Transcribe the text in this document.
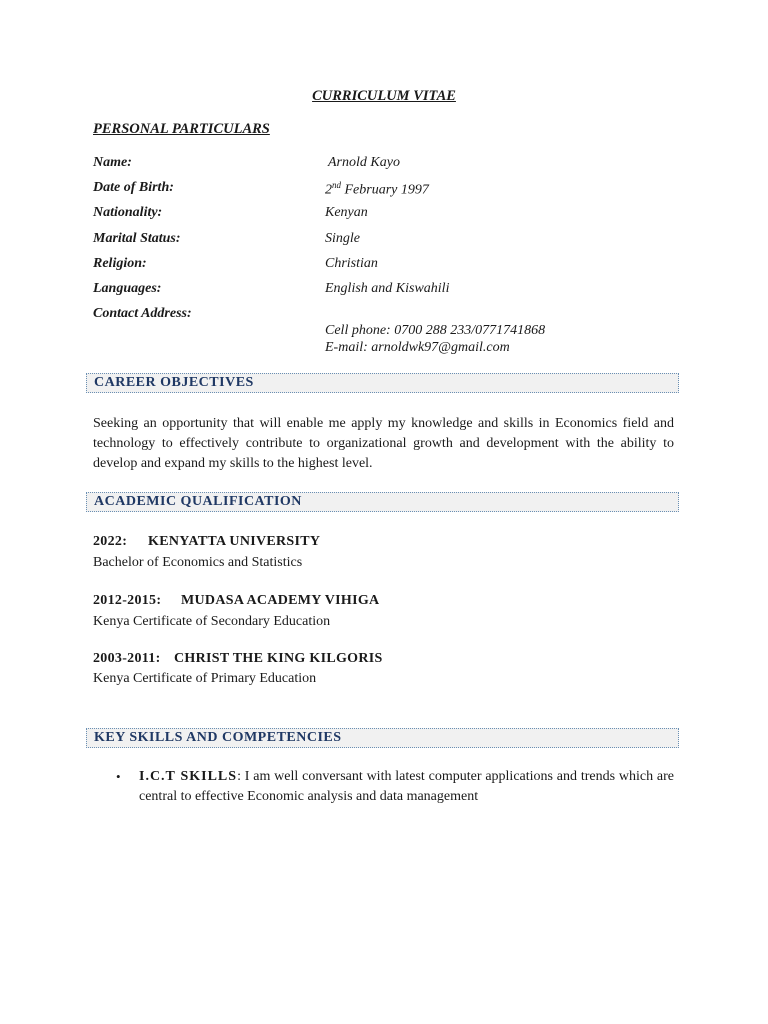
CURRICULUM VITAE
PERSONAL PARTICULARS
Name:	Arnold Kayo
Date of Birth:	2nd February 1997
Nationality:	Kenyan
Marital Status:	Single
Religion:	Christian
Languages:	English and Kiswahili
Contact Address:
Cell phone: 0700 288 233/0771741868
E-mail: arnoldwk97@gmail.com
CAREER OBJECTIVES
Seeking an opportunity that will enable me apply my knowledge and skills in Economics field and technology to effectively contribute to organizational growth and development with the ability to develop and expand my skills to the highest level.
ACADEMIC QUALIFICATION
2022: KENYATTA UNIVERSITY
Bachelor of Economics and Statistics
2012-2015: MUDASA ACADEMY VIHIGA
Kenya Certificate of Secondary Education
2003-2011: CHRIST THE KING KILGORIS
Kenya Certificate of Primary Education
KEY SKILLS AND COMPETENCIES
• I.C.T SKILLS: I am well conversant with latest computer applications and trends which are central to effective Economic analysis and data management
